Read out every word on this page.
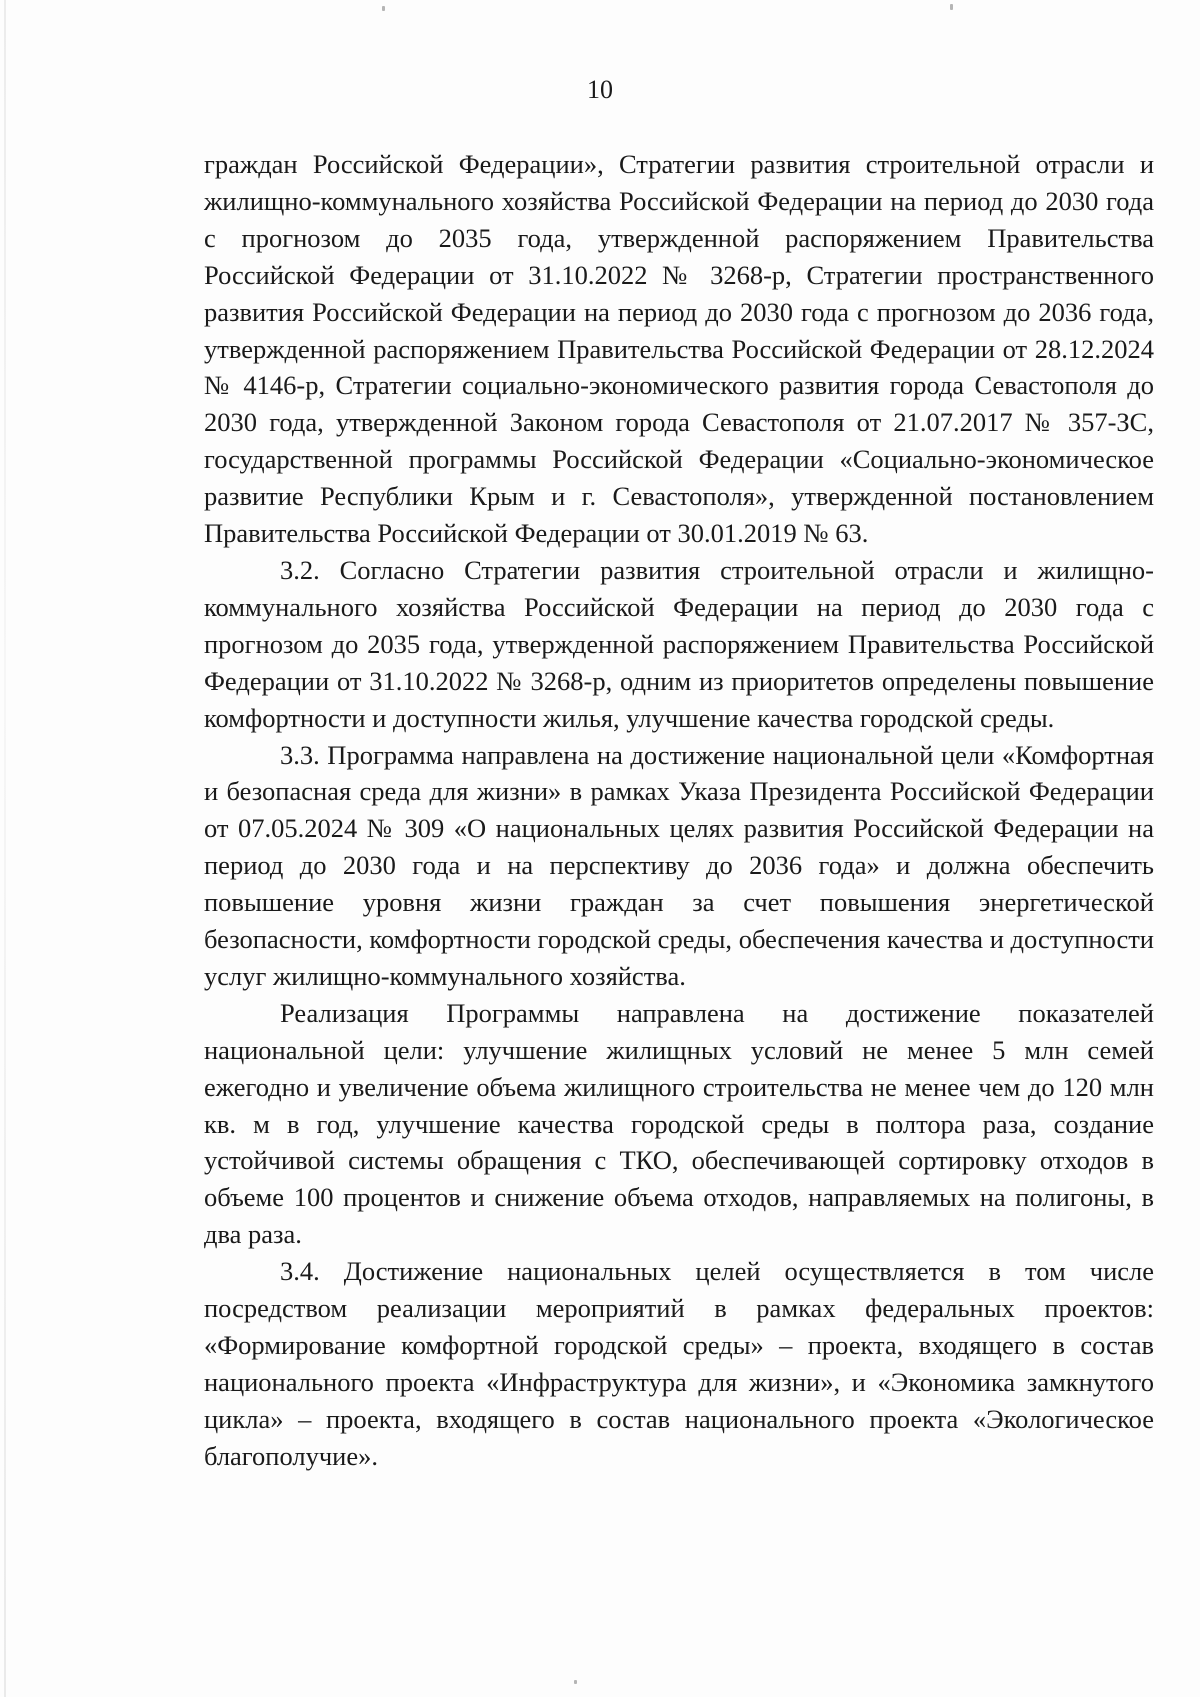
10

граждан Российской Федерации», Стратегии развития строительной отрасли и жилищно-коммунального хозяйства Российской Федерации на период до 2030 года с прогнозом до 2035 года, утвержденной распоряжением Правительства Российской Федерации от 31.10.2022 № 3268-р, Стратегии пространственного развития Российской Федерации на период до 2030 года с прогнозом до 2036 года, утвержденной распоряжением Правительства Российской Федерации от 28.12.2024 № 4146-р, Стратегии социально-экономического развития города Севастополя до 2030 года, утвержденной Законом города Севастополя от 21.07.2017 № 357-ЗС, государственной программы Российской Федерации «Социально-экономическое развитие Республики Крым и г. Севастополя», утвержденной постановлением Правительства Российской Федерации от 30.01.2019 № 63.

3.2. Согласно Стратегии развития строительной отрасли и жилищно-коммунального хозяйства Российской Федерации на период до 2030 года с прогнозом до 2035 года, утвержденной распоряжением Правительства Российской Федерации от 31.10.2022 № 3268-р, одним из приоритетов определены повышение комфортности и доступности жилья, улучшение качества городской среды.

3.3. Программа направлена на достижение национальной цели «Комфортная и безопасная среда для жизни» в рамках Указа Президента Российской Федерации от 07.05.2024 № 309 «О национальных целях развития Российской Федерации на период до 2030 года и на перспективу до 2036 года» и должна обеспечить повышение уровня жизни граждан за счет повышения энергетической безопасности, комфортности городской среды, обеспечения качества и доступности услуг жилищно-коммунального хозяйства.

Реализация Программы направлена на достижение показателей национальной цели: улучшение жилищных условий не менее 5 млн семей ежегодно и увеличение объема жилищного строительства не менее чем до 120 млн кв. м в год, улучшение качества городской среды в полтора раза, создание устойчивой системы обращения с ТКО, обеспечивающей сортировку отходов в объеме 100 процентов и снижение объема отходов, направляемых на полигоны, в два раза.

3.4. Достижение национальных целей осуществляется в том числе посредством реализации мероприятий в рамках федеральных проектов: «Формирование комфортной городской среды» – проекта, входящего в состав национального проекта «Инфраструктура для жизни», и «Экономика замкнутого цикла» – проекта, входящего в состав национального проекта «Экологическое благополучие».
